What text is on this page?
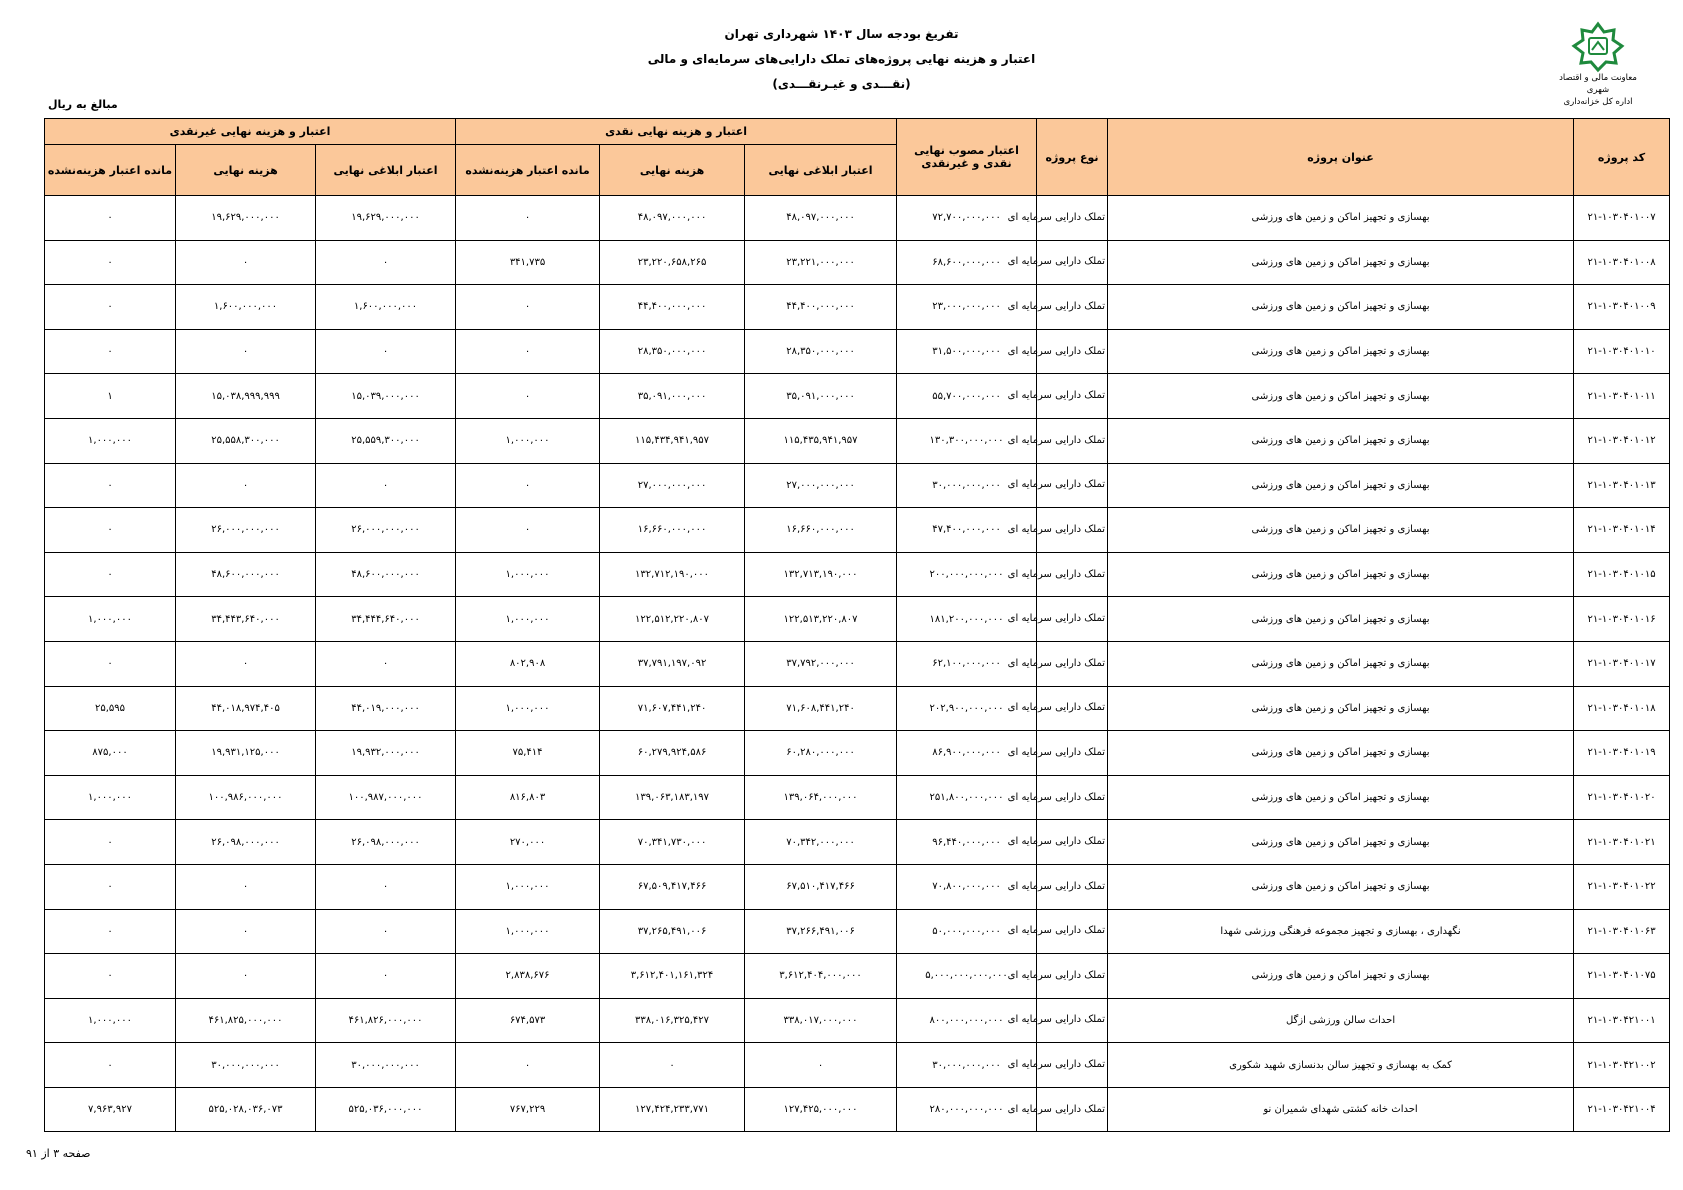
تفریغ بودجه سال ۱۴۰۳ شهرداری تهران
اعتبار و هزینه نهایی پروژه‌های تملک دارایی‌های سرمایه‌ای و مالی
(نقـــدی و غیـرنقـــدی)	معاونت مالی و اقتصاد شهری
اداره کل خزانه‌داری
مبالغ به ریال
کد پروژه	عنوان پروژه	نوع پروژه	اعتبار مصوب نهایی نقدی و غیرنقدی	اعتبار و هزینه نهایی نقدی			اعتبار و هزینه نهایی غیرنقدی		
				اعتبار ابلاغی نهایی	هزینه نهایی	مانده اعتبار هزینه‌نشده	اعتبار ابلاغی نهایی	هزینه نهایی	مانده اعتبار هزینه‌نشده
۲۱-۱۰۳۰۴۰۱۰۰۷	بهسازی و تجهیز اماکن و زمین های ورزشی	تملک دارایی سرمایه ای	۷۲,۷۰۰,۰۰۰,۰۰۰	۴۸,۰۹۷,۰۰۰,۰۰۰	۴۸,۰۹۷,۰۰۰,۰۰۰	۰	۱۹,۶۲۹,۰۰۰,۰۰۰	۱۹,۶۲۹,۰۰۰,۰۰۰	۰
۲۱-۱۰۳۰۴۰۱۰۰۸	بهسازی و تجهیز اماکن و زمین های ورزشی	تملک دارایی سرمایه ای	۶۸,۶۰۰,۰۰۰,۰۰۰	۲۳,۲۲۱,۰۰۰,۰۰۰	۲۳,۲۲۰,۶۵۸,۲۶۵	۳۴۱,۷۳۵	۰	۰	۰
۲۱-۱۰۳۰۴۰۱۰۰۹	بهسازی و تجهیز اماکن و زمین های ورزشی	تملک دارایی سرمایه ای	۲۳,۰۰۰,۰۰۰,۰۰۰	۴۴,۴۰۰,۰۰۰,۰۰۰	۴۴,۴۰۰,۰۰۰,۰۰۰	۰	۱,۶۰۰,۰۰۰,۰۰۰	۱,۶۰۰,۰۰۰,۰۰۰	۰
۲۱-۱۰۳۰۴۰۱۰۱۰	بهسازی و تجهیز اماکن و زمین های ورزشی	تملک دارایی سرمایه ای	۳۱,۵۰۰,۰۰۰,۰۰۰	۲۸,۳۵۰,۰۰۰,۰۰۰	۲۸,۳۵۰,۰۰۰,۰۰۰	۰	۰	۰	۰
۲۱-۱۰۳۰۴۰۱۰۱۱	بهسازی و تجهیز اماکن و زمین های ورزشی	تملک دارایی سرمایه ای	۵۵,۷۰۰,۰۰۰,۰۰۰	۳۵,۰۹۱,۰۰۰,۰۰۰	۳۵,۰۹۱,۰۰۰,۰۰۰	۰	۱۵,۰۳۹,۰۰۰,۰۰۰	۱۵,۰۳۸,۹۹۹,۹۹۹	۱
۲۱-۱۰۳۰۴۰۱۰۱۲	بهسازی و تجهیز اماکن و زمین های ورزشی	تملک دارایی سرمایه ای	۱۳۰,۳۰۰,۰۰۰,۰۰۰	۱۱۵,۴۳۵,۹۴۱,۹۵۷	۱۱۵,۴۳۴,۹۴۱,۹۵۷	۱,۰۰۰,۰۰۰	۲۵,۵۵۹,۳۰۰,۰۰۰	۲۵,۵۵۸,۳۰۰,۰۰۰	۱,۰۰۰,۰۰۰
۲۱-۱۰۳۰۴۰۱۰۱۳	بهسازی و تجهیز اماکن و زمین های ورزشی	تملک دارایی سرمایه ای	۳۰,۰۰۰,۰۰۰,۰۰۰	۲۷,۰۰۰,۰۰۰,۰۰۰	۲۷,۰۰۰,۰۰۰,۰۰۰	۰	۰	۰	۰
۲۱-۱۰۳۰۴۰۱۰۱۴	بهسازی و تجهیز اماکن و زمین های ورزشی	تملک دارایی سرمایه ای	۴۷,۴۰۰,۰۰۰,۰۰۰	۱۶,۶۶۰,۰۰۰,۰۰۰	۱۶,۶۶۰,۰۰۰,۰۰۰	۰	۲۶,۰۰۰,۰۰۰,۰۰۰	۲۶,۰۰۰,۰۰۰,۰۰۰	۰
۲۱-۱۰۳۰۴۰۱۰۱۵	بهسازی و تجهیز اماکن و زمین های ورزشی	تملک دارایی سرمایه ای	۲۰۰,۰۰۰,۰۰۰,۰۰۰	۱۳۲,۷۱۳,۱۹۰,۰۰۰	۱۳۲,۷۱۲,۱۹۰,۰۰۰	۱,۰۰۰,۰۰۰	۴۸,۶۰۰,۰۰۰,۰۰۰	۴۸,۶۰۰,۰۰۰,۰۰۰	۰
۲۱-۱۰۳۰۴۰۱۰۱۶	بهسازی و تجهیز اماکن و زمین های ورزشی	تملک دارایی سرمایه ای	۱۸۱,۲۰۰,۰۰۰,۰۰۰	۱۲۲,۵۱۳,۲۲۰,۸۰۷	۱۲۲,۵۱۲,۲۲۰,۸۰۷	۱,۰۰۰,۰۰۰	۳۴,۴۴۴,۶۴۰,۰۰۰	۳۴,۴۴۳,۶۴۰,۰۰۰	۱,۰۰۰,۰۰۰
۲۱-۱۰۳۰۴۰۱۰۱۷	بهسازی و تجهیز اماکن و زمین های ورزشی	تملک دارایی سرمایه ای	۶۲,۱۰۰,۰۰۰,۰۰۰	۳۷,۷۹۲,۰۰۰,۰۰۰	۳۷,۷۹۱,۱۹۷,۰۹۲	۸۰۲,۹۰۸	۰	۰	۰
۲۱-۱۰۳۰۴۰۱۰۱۸	بهسازی و تجهیز اماکن و زمین های ورزشی	تملک دارایی سرمایه ای	۲۰۲,۹۰۰,۰۰۰,۰۰۰	۷۱,۶۰۸,۴۴۱,۲۴۰	۷۱,۶۰۷,۴۴۱,۲۴۰	۱,۰۰۰,۰۰۰	۴۴,۰۱۹,۰۰۰,۰۰۰	۴۴,۰۱۸,۹۷۴,۴۰۵	۲۵,۵۹۵
۲۱-۱۰۳۰۴۰۱۰۱۹	بهسازی و تجهیز اماکن و زمین های ورزشی	تملک دارایی سرمایه ای	۸۶,۹۰۰,۰۰۰,۰۰۰	۶۰,۲۸۰,۰۰۰,۰۰۰	۶۰,۲۷۹,۹۲۴,۵۸۶	۷۵,۴۱۴	۱۹,۹۳۲,۰۰۰,۰۰۰	۱۹,۹۳۱,۱۲۵,۰۰۰	۸۷۵,۰۰۰
۲۱-۱۰۳۰۴۰۱۰۲۰	بهسازی و تجهیز اماکن و زمین های ورزشی	تملک دارایی سرمایه ای	۲۵۱,۸۰۰,۰۰۰,۰۰۰	۱۳۹,۰۶۴,۰۰۰,۰۰۰	۱۳۹,۰۶۳,۱۸۳,۱۹۷	۸۱۶,۸۰۳	۱۰۰,۹۸۷,۰۰۰,۰۰۰	۱۰۰,۹۸۶,۰۰۰,۰۰۰	۱,۰۰۰,۰۰۰
۲۱-۱۰۳۰۴۰۱۰۲۱	بهسازی و تجهیز اماکن و زمین های ورزشی	تملک دارایی سرمایه ای	۹۶,۴۴۰,۰۰۰,۰۰۰	۷۰,۳۴۲,۰۰۰,۰۰۰	۷۰,۳۴۱,۷۳۰,۰۰۰	۲۷۰,۰۰۰	۲۶,۰۹۸,۰۰۰,۰۰۰	۲۶,۰۹۸,۰۰۰,۰۰۰	۰
۲۱-۱۰۳۰۴۰۱۰۲۲	بهسازی و تجهیز اماکن و زمین های ورزشی	تملک دارایی سرمایه ای	۷۰,۸۰۰,۰۰۰,۰۰۰	۶۷,۵۱۰,۴۱۷,۴۶۶	۶۷,۵۰۹,۴۱۷,۴۶۶	۱,۰۰۰,۰۰۰	۰	۰	۰
۲۱-۱۰۳۰۴۰۱۰۶۳	نگهداری ، بهسازی و تجهیز مجموعه فرهنگی ورزشی شهدا	تملک دارایی سرمایه ای	۵۰,۰۰۰,۰۰۰,۰۰۰	۳۷,۲۶۶,۴۹۱,۰۰۶	۳۷,۲۶۵,۴۹۱,۰۰۶	۱,۰۰۰,۰۰۰	۰	۰	۰
۲۱-۱۰۳۰۴۰۱۰۷۵	بهسازی و تجهیز اماکن و زمین های ورزشی	تملک دارایی سرمایه ای	۵,۰۰۰,۰۰۰,۰۰۰,۰۰۰	۳,۶۱۲,۴۰۴,۰۰۰,۰۰۰	۳,۶۱۲,۴۰۱,۱۶۱,۳۲۴	۲,۸۳۸,۶۷۶	۰	۰	۰
۲۱-۱۰۳۰۴۲۱۰۰۱	احداث سالن ورزشی ازگل	تملک دارایی سرمایه ای	۸۰۰,۰۰۰,۰۰۰,۰۰۰	۳۳۸,۰۱۷,۰۰۰,۰۰۰	۳۳۸,۰۱۶,۳۲۵,۴۲۷	۶۷۴,۵۷۳	۴۶۱,۸۲۶,۰۰۰,۰۰۰	۴۶۱,۸۲۵,۰۰۰,۰۰۰	۱,۰۰۰,۰۰۰
۲۱-۱۰۳۰۴۲۱۰۰۲	کمک به بهسازی و تجهیز سالن بدنسازی شهید شکوری	تملک دارایی سرمایه ای	۳۰,۰۰۰,۰۰۰,۰۰۰	۰	۰	۰	۳۰,۰۰۰,۰۰۰,۰۰۰	۳۰,۰۰۰,۰۰۰,۰۰۰	۰
۲۱-۱۰۳۰۴۲۱۰۰۴	احداث خانه کشتی شهدای شمیران نو	تملک دارایی سرمایه ای	۲۸۰,۰۰۰,۰۰۰,۰۰۰	۱۲۷,۴۲۵,۰۰۰,۰۰۰	۱۲۷,۴۲۴,۲۳۳,۷۷۱	۷۶۷,۲۲۹	۵۲۵,۰۳۶,۰۰۰,۰۰۰	۵۲۵,۰۲۸,۰۳۶,۰۷۳	۷,۹۶۳,۹۲۷
صفحه ۳ از ۹۱
